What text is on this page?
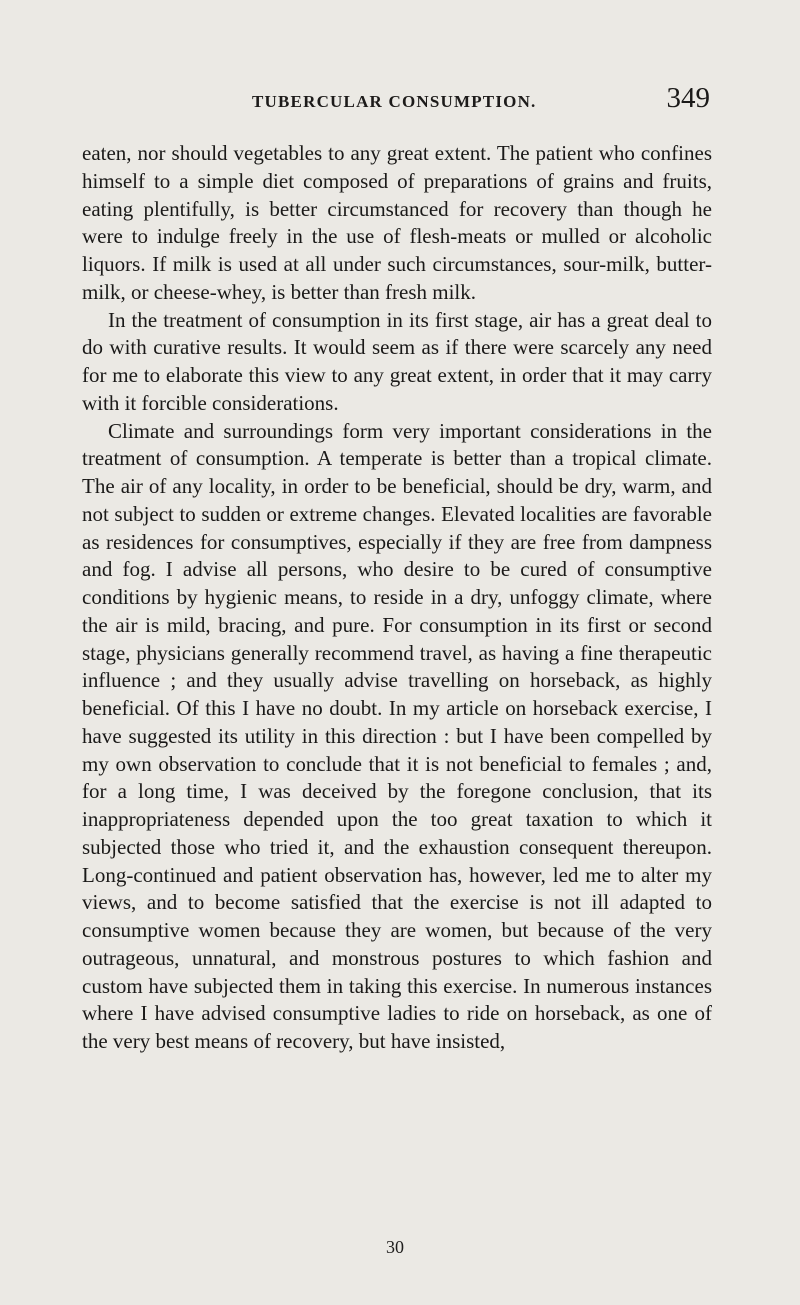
TUBERCULAR CONSUMPTION.	349

eaten, nor should vegetables to any great extent. The patient who confines himself to a simple diet composed of preparations of grains and fruits, eating plentifully, is better circumstanced for recovery than though he were to indulge freely in the use of flesh-meats or mulled or alcoholic liquors. If milk is used at all under such circumstances, sour-milk, butter-milk, or cheese-whey, is better than fresh milk.

In the treatment of consumption in its first stage, air has a great deal to do with curative results. It would seem as if there were scarcely any need for me to elaborate this view to any great extent, in order that it may carry with it forcible considerations.

Climate and surroundings form very important considerations in the treatment of consumption. A temperate is better than a tropical climate. The air of any locality, in order to be beneficial, should be dry, warm, and not subject to sudden or extreme changes. Elevated localities are favorable as residences for consumptives, especially if they are free from dampness and fog. I advise all persons, who desire to be cured of consumptive conditions by hygienic means, to reside in a dry, unfoggy climate, where the air is mild, bracing, and pure. For consumption in its first or second stage, physicians generally recommend travel, as having a fine therapeutic influence ; and they usually advise travelling on horseback, as highly beneficial. Of this I have no doubt. In my article on horseback exercise, I have suggested its utility in this direction : but I have been compelled by my own observation to conclude that it is not beneficial to females ; and, for a long time, I was deceived by the foregone conclusion, that its inappropriateness depended upon the too great taxation to which it subjected those who tried it, and the exhaustion consequent thereupon. Long-continued and patient observation has, however, led me to alter my views, and to become satisfied that the exercise is not ill adapted to consumptive women because they are women, but because of the very outrageous, unnatural, and monstrous postures to which fashion and custom have subjected them in taking this exercise. In numerous instances where I have advised consumptive ladies to ride on horseback, as one of the very best means of recovery, but have insisted,

30
